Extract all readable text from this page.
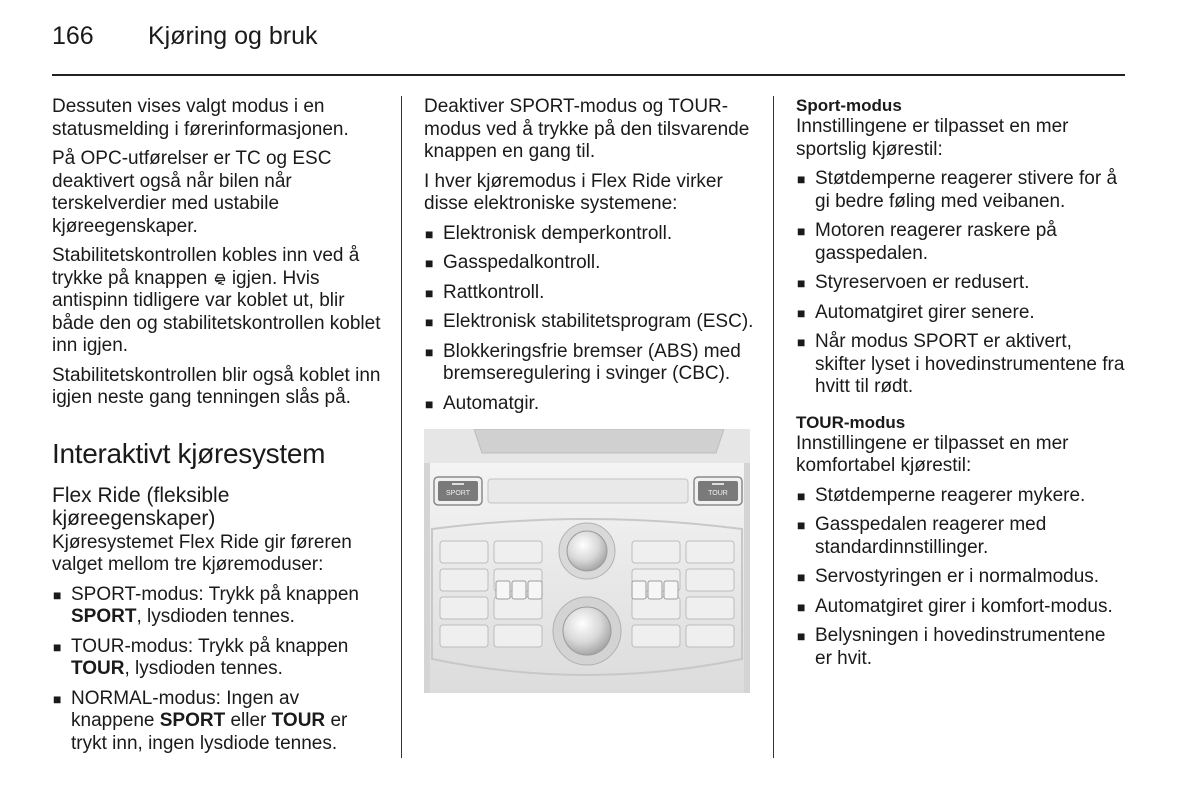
166 Kjøring og bruk

Dessuten vises valgt modus i en statusmelding i førerinformasjonen.

På OPC-utførelser er TC og ESC deaktivert også når bilen når terskelverdier med ustabile kjøreegenskaper.

Stabilitetskontrollen kobles inn ved å trykke på knappen igjen. Hvis antispinn tidligere var koblet ut, blir både den og stabilitetskontrollen koblet inn igjen.

Stabilitetskontrollen blir også koblet inn igjen neste gang tenningen slås på.

Interaktivt kjøresystem
Flex Ride (fleksible kjøreegenskaper)

Kjøresystemet Flex Ride gir føreren valget mellom tre kjøremoduser:

■ SPORT-modus: Trykk på knappen SPORT, lysdioden tennes.
■ TOUR-modus: Trykk på knappen TOUR, lysdioden tennes.
■ NORMAL-modus: Ingen av knappene SPORT eller TOUR er trykt inn, ingen lysdiode tennes.

Deaktiver SPORT-modus og TOUR-modus ved å trykke på den tilsvarende knappen en gang til.

I hver kjøremodus i Flex Ride virker disse elektroniske systemene:

■ Elektronisk demperkontroll.
■ Gasspedalkontroll.
■ Rattkontroll.
■ Elektronisk stabilitetsprogram (ESC).
■ Blokkeringsfrie bremser (ABS) med bremseregulering i svinger (CBC).
■ Automatgir.
SPORT	TOUR
Sport-modus

Innstillingene er tilpasset en mer sportslig kjørestil:

■ Støtdemperne reagerer stivere for å gi bedre føling med veibanen.
■ Motoren reagerer raskere på gasspedalen.
■ Styreservoen er redusert.
■ Automatgiret girer senere.
■ Når modus SPORT er aktivert, skifter lyset i hovedinstrumentene fra hvitt til rødt.
TOUR-modus

Innstillingene er tilpasset en mer komfortabel kjørestil:

■ Støtdemperne reagerer mykere.
■ Gasspedalen reagerer med standardinnstillinger.
■ Servostyringen er i normalmodus.
■ Automatgiret girer i komfort-modus.
■ Belysningen i hovedinstrumentene er hvit.
